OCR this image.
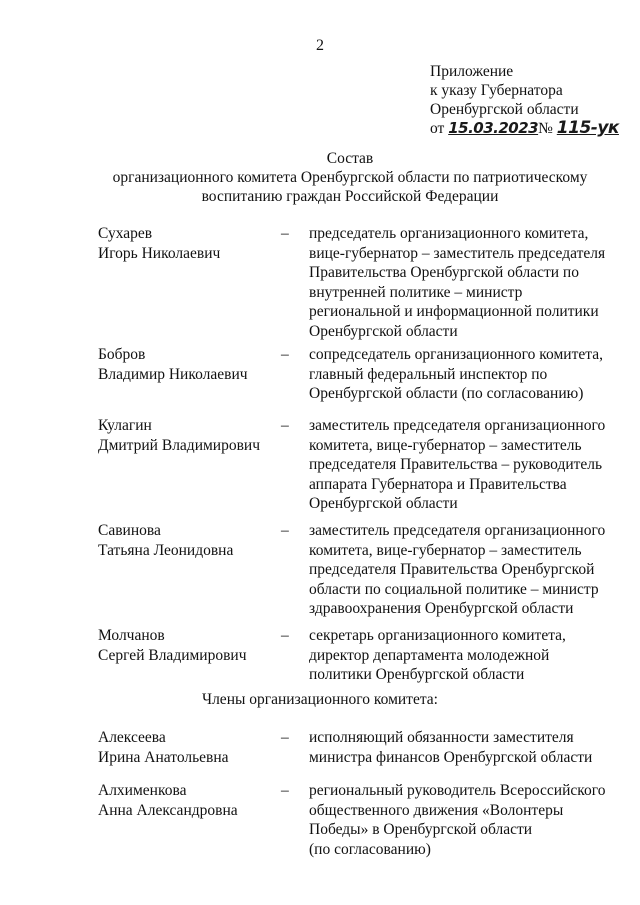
2
Приложение
к указу Губернатора
Оренбургской области
от 15.03.2023№ 115-ук
Состав
организационного комитета Оренбургской области по патриотическому
воспитанию граждан Российской Федерации
Сухарев
Игорь Николаевич
– председатель организационного комитета,
вице-губернатор – заместитель председателя
Правительства Оренбургской области по
внутренней политике – министр
региональной и информационной политики
Оренбургской области
Бобров
Владимир Николаевич
– сопредседатель организационного комитета,
главный федеральный инспектор по
Оренбургской области (по согласованию)
Кулагин
Дмитрий Владимирович
– заместитель председателя организационного
комитета, вице-губернатор – заместитель
председателя Правительства – руководитель
аппарата Губернатора и Правительства
Оренбургской области
Савинова
Татьяна Леонидовна
– заместитель председателя организационного
комитета, вице-губернатор – заместитель
председателя Правительства Оренбургской
области по социальной политике – министр
здравоохранения Оренбургской области
Молчанов
Сергей Владимирович
– секретарь организационного комитета,
директор департамента молодежной
политики Оренбургской области
Члены организационного комитета:
Алексеева
Ирина Анатольевна
– исполняющий обязанности заместителя
министра финансов Оренбургской области
Алхименкова
Анна Александровна
– региональный руководитель Всероссийского
общественного движения «Волонтеры
Победы» в Оренбургской области
(по согласованию)
